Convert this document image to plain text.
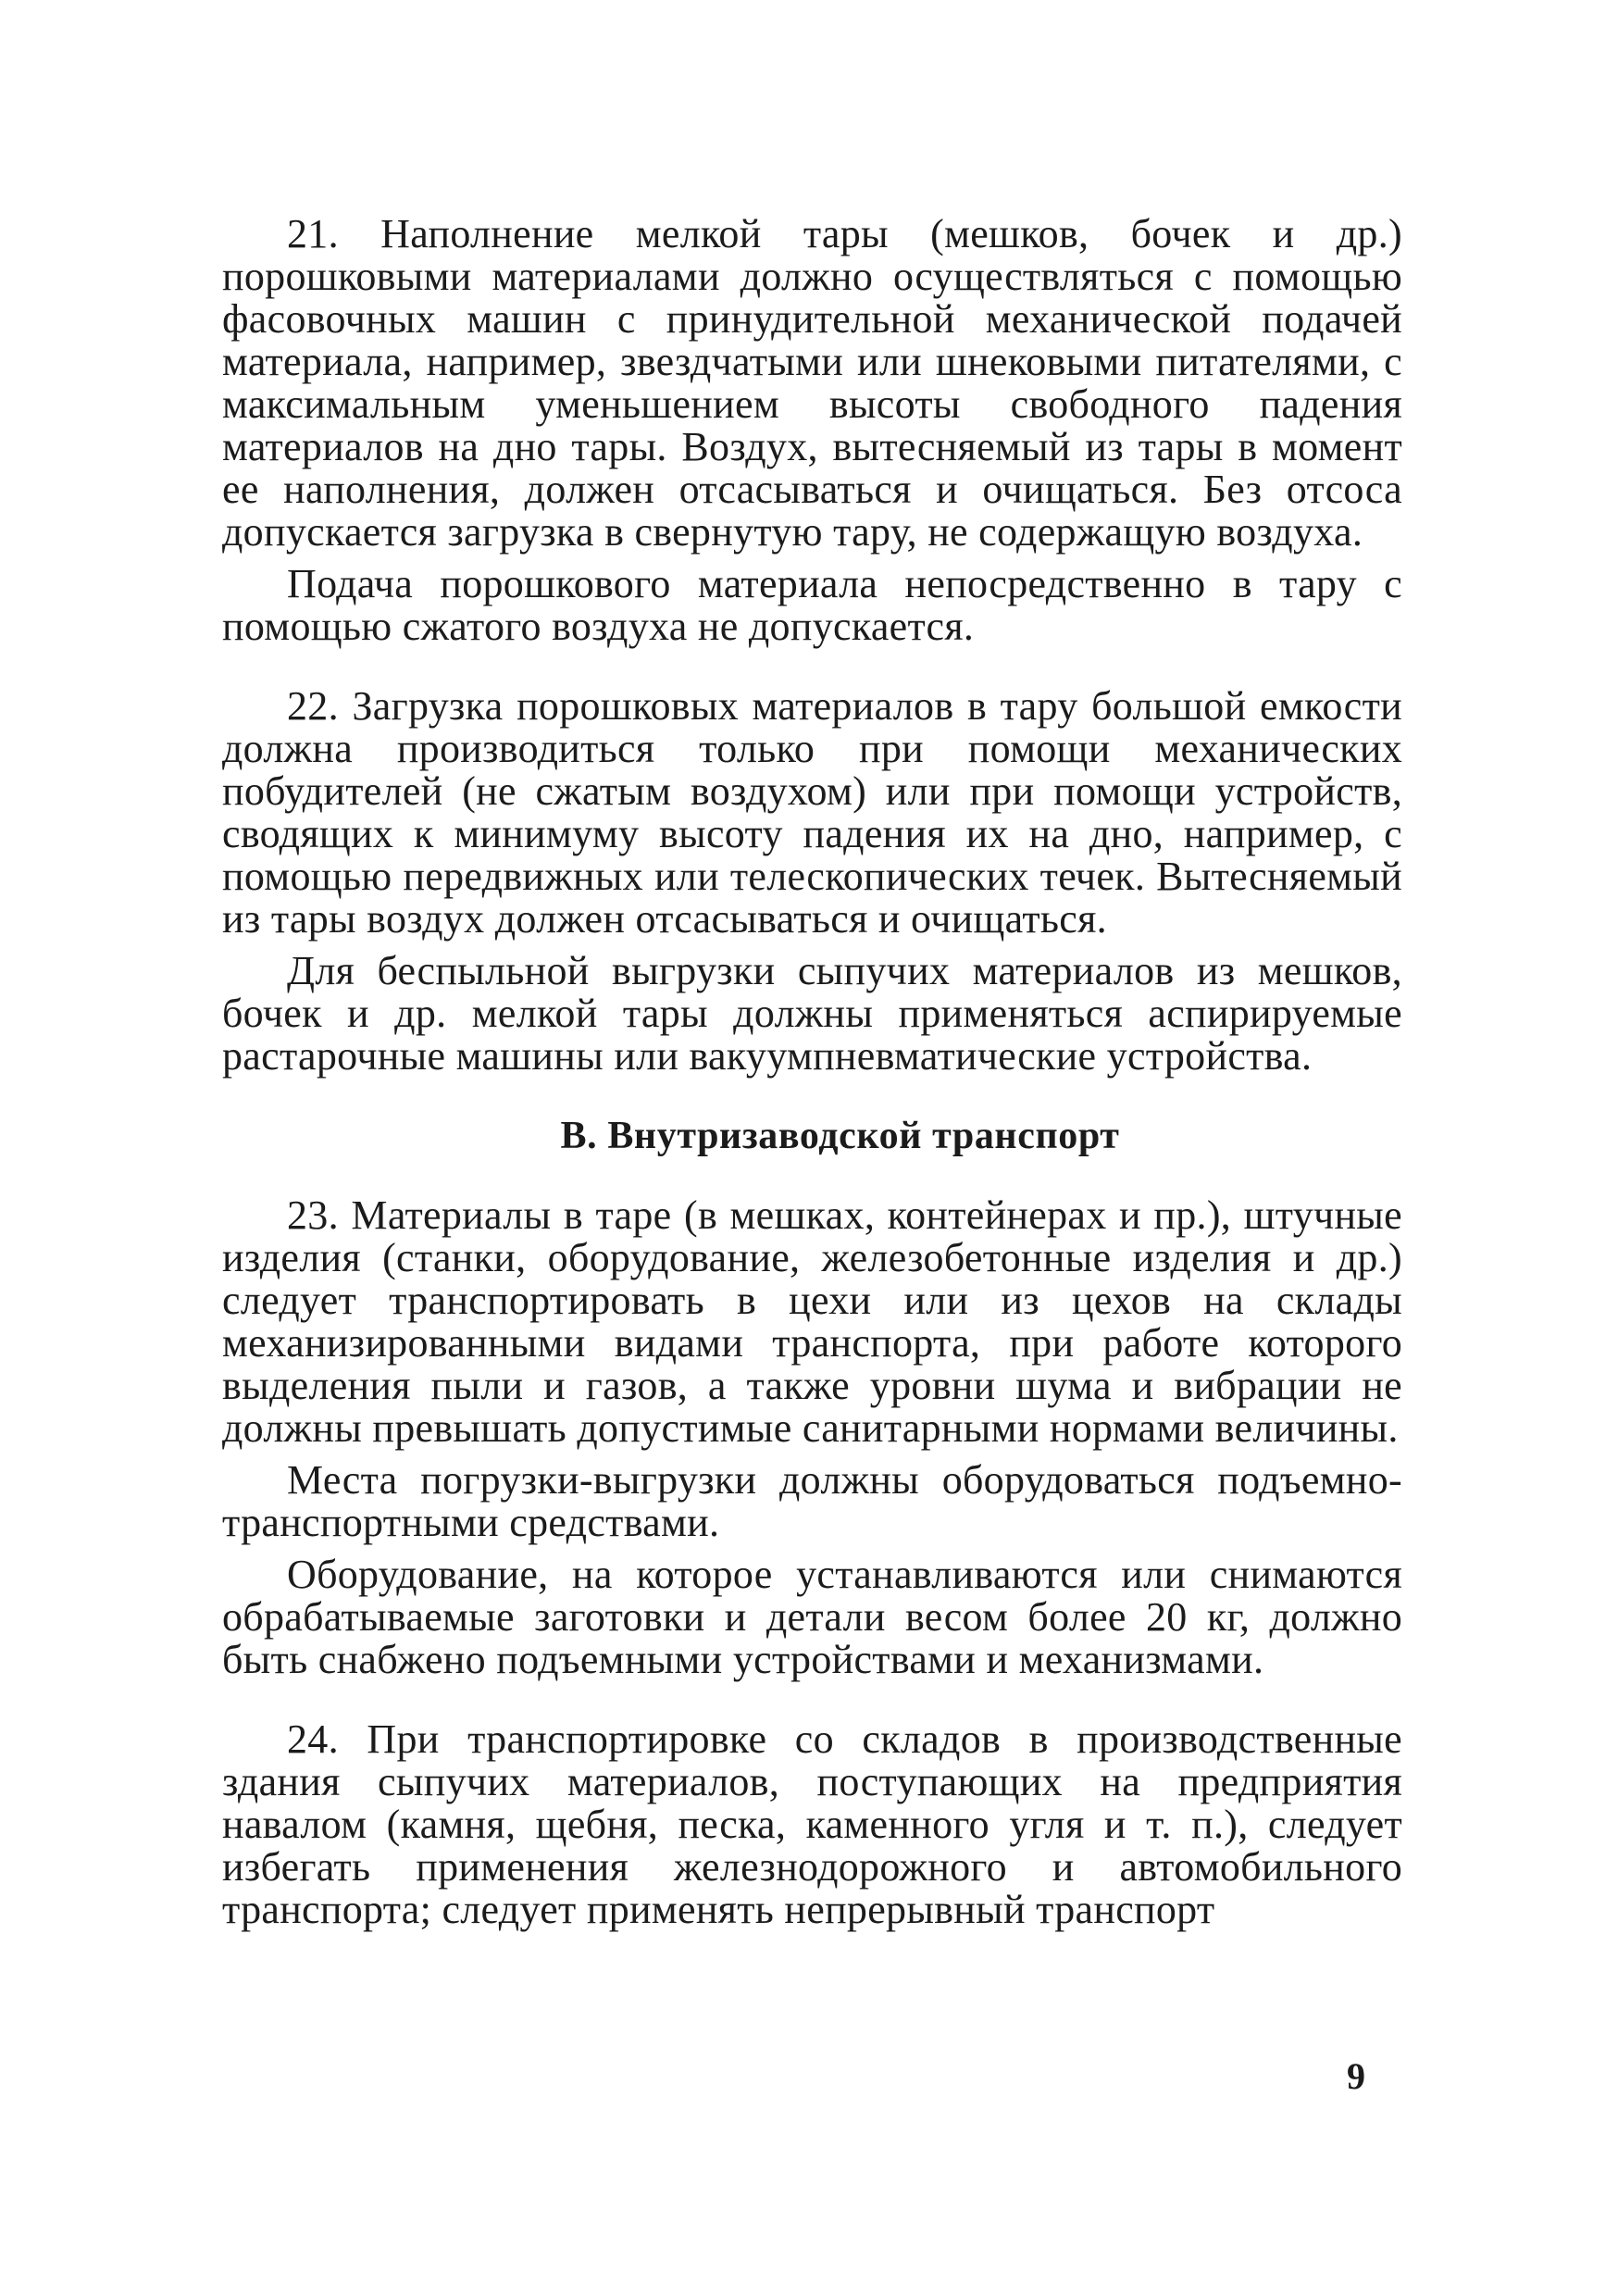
21. Наполнение мелкой тары (мешков, бочек и др.) порошковыми материалами должно осуществляться с помощью фасовочных машин с принудительной механической подачей материала, например, звездчатыми или шнековыми питателями, с максимальным уменьшением высоты свободного падения материалов на дно тары. Воздух, вытесняемый из тары в момент ее наполнения, должен отсасываться и очищаться. Без отсоса допускается загрузка в свернутую тару, не содержащую воздуха.

Подача порошкового материала непосредственно в тару с помощью сжатого воздуха не допускается.

22. Загрузка порошковых материалов в тару большой емкости должна производиться только при помощи механических побудителей (не сжатым воздухом) или при помощи устройств, сводящих к минимуму высоту падения их на дно, например, с помощью передвижных или телескопических течек. Вытесняемый из тары воздух должен отсасываться и очищаться.

Для беспыльной выгрузки сыпучих материалов из мешков, бочек и др. мелкой тары должны применяться аспирируемые растарочные машины или вакуумпневматические устройства.

В. Внутризаводской транспорт

23. Материалы в таре (в мешках, контейнерах и пр.), штучные изделия (станки, оборудование, железобетонные изделия и др.) следует транспортировать в цехи или из цехов на склады механизированными видами транспорта, при работе которого выделения пыли и газов, а также уровни шума и вибрации не должны превышать допустимые санитарными нормами величины.

Места погрузки-выгрузки должны оборудоваться подъемно-транспортными средствами.

Оборудование, на которое устанавливаются или снимаются обрабатываемые заготовки и детали весом более 20 кг, должно быть снабжено подъемными устройствами и механизмами.

24. При транспортировке со складов в производственные здания сыпучих материалов, поступающих на предприятия навалом (камня, щебня, песка, каменного угля и т. п.), следует избегать применения железнодорожного и автомобильного транспорта; следует применять непрерывный транспорт

9
